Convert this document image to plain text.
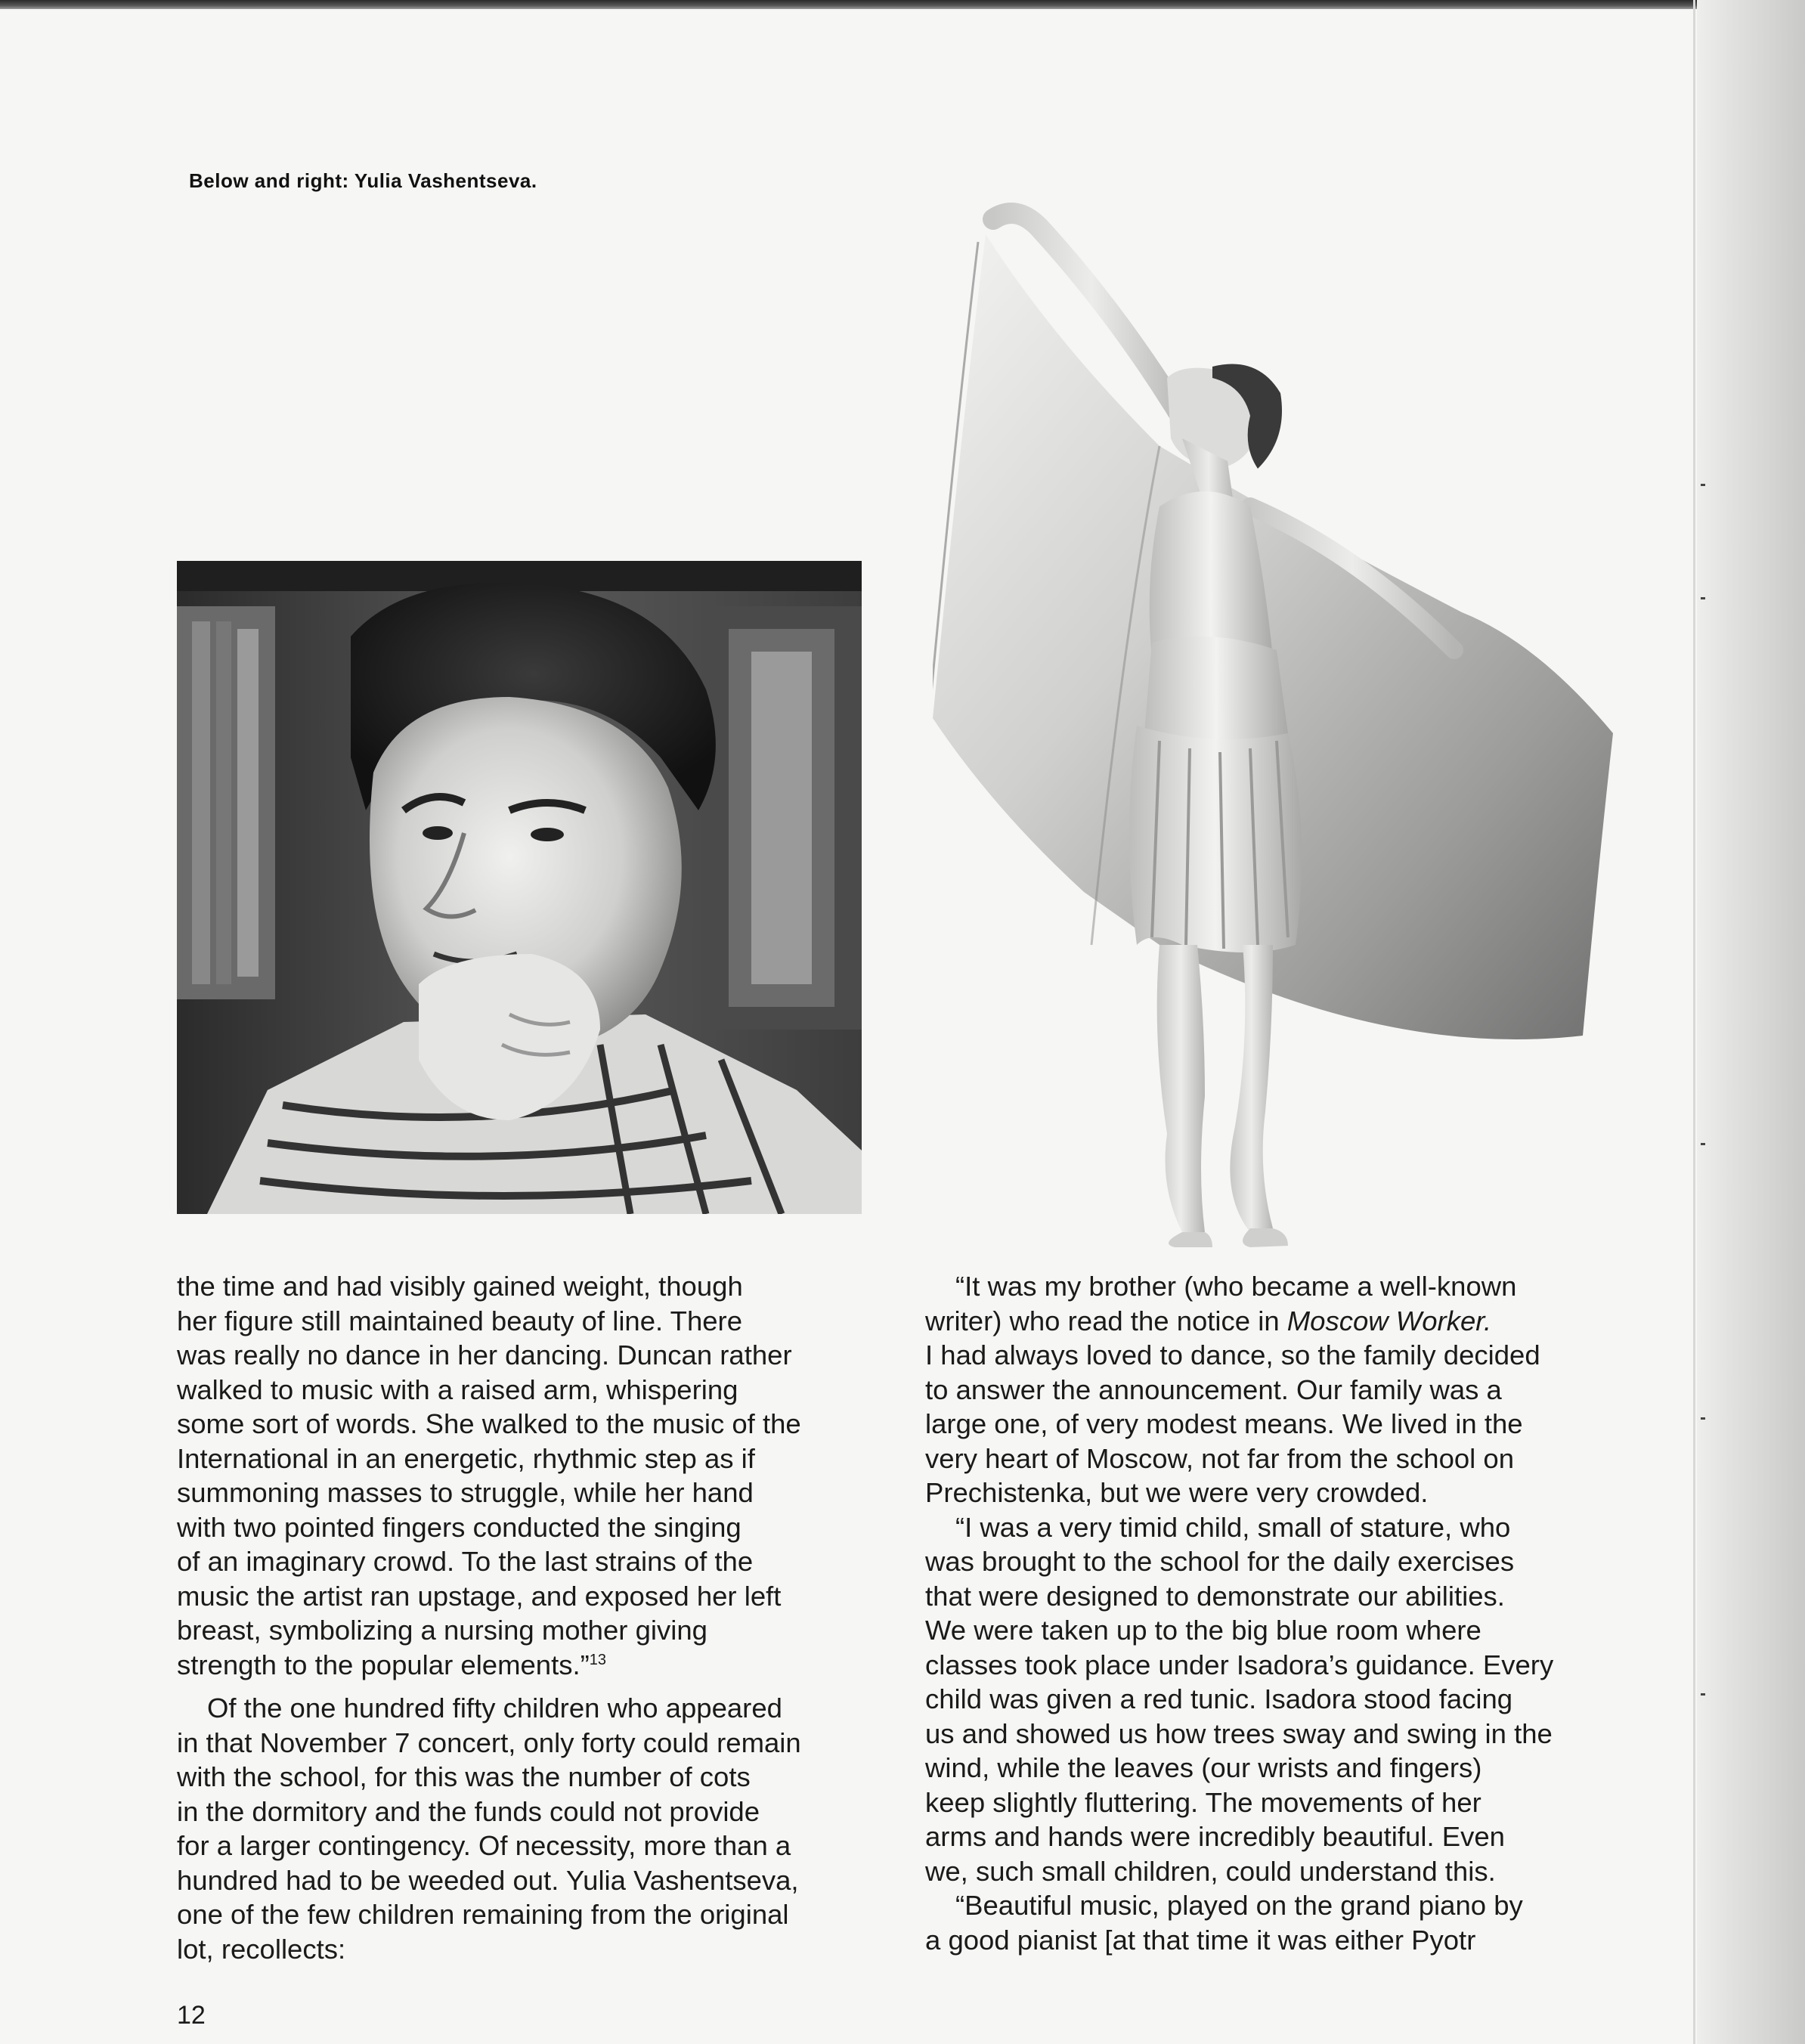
Below and right: Yulia Vashentseva.

the time and had visibly gained weight, though
her figure still maintained beauty of line. There
was really no dance in her dancing. Duncan rather
walked to music with a raised arm, whispering
some sort of words. She walked to the music of the
International in an energetic, rhythmic step as if
summoning masses to struggle, while her hand
with two pointed fingers conducted the singing
of an imaginary crowd. To the last strains of the
music the artist ran upstage, and exposed her left
breast, symbolizing a nursing mother giving
strength to the popular elements.”$^{13}$

Of the one hundred fifty children who appeared

in that November 7 concert, only forty could remain
with the school, for this was the number of cots
in the dormitory and the funds could not provide
for a larger contingency. Of necessity, more than a
hundred had to be weeded out. Yulia Vashentseva,
one of the few children remaining from the original
lot, recollects:

“It was my brother (who became a well-known
writer) who read the notice in Moscow Worker.
I had always loved to dance, so the family decided
to answer the announcement. Our family was a
large one, of very modest means. We lived in the
very heart of Moscow, not far from the school on
Prechistenka, but we were very crowded.

“I was a very timid child, small of stature, who
was brought to the school for the daily exercises
that were designed to demonstrate our abilities.
We were taken up to the big blue room where
classes took place under Isadora’s guidance. Every
child was given a red tunic. Isadora stood facing
us and showed us how trees sway and swing in the
wind, while the leaves (our wrists and fingers)
keep slightly fluttering. The movements of her
arms and hands were incredibly beautiful. Even
we, such small children, could understand this.

“Beautiful music, played on the grand piano by
a good pianist [at that time it was either Pyotr

12
